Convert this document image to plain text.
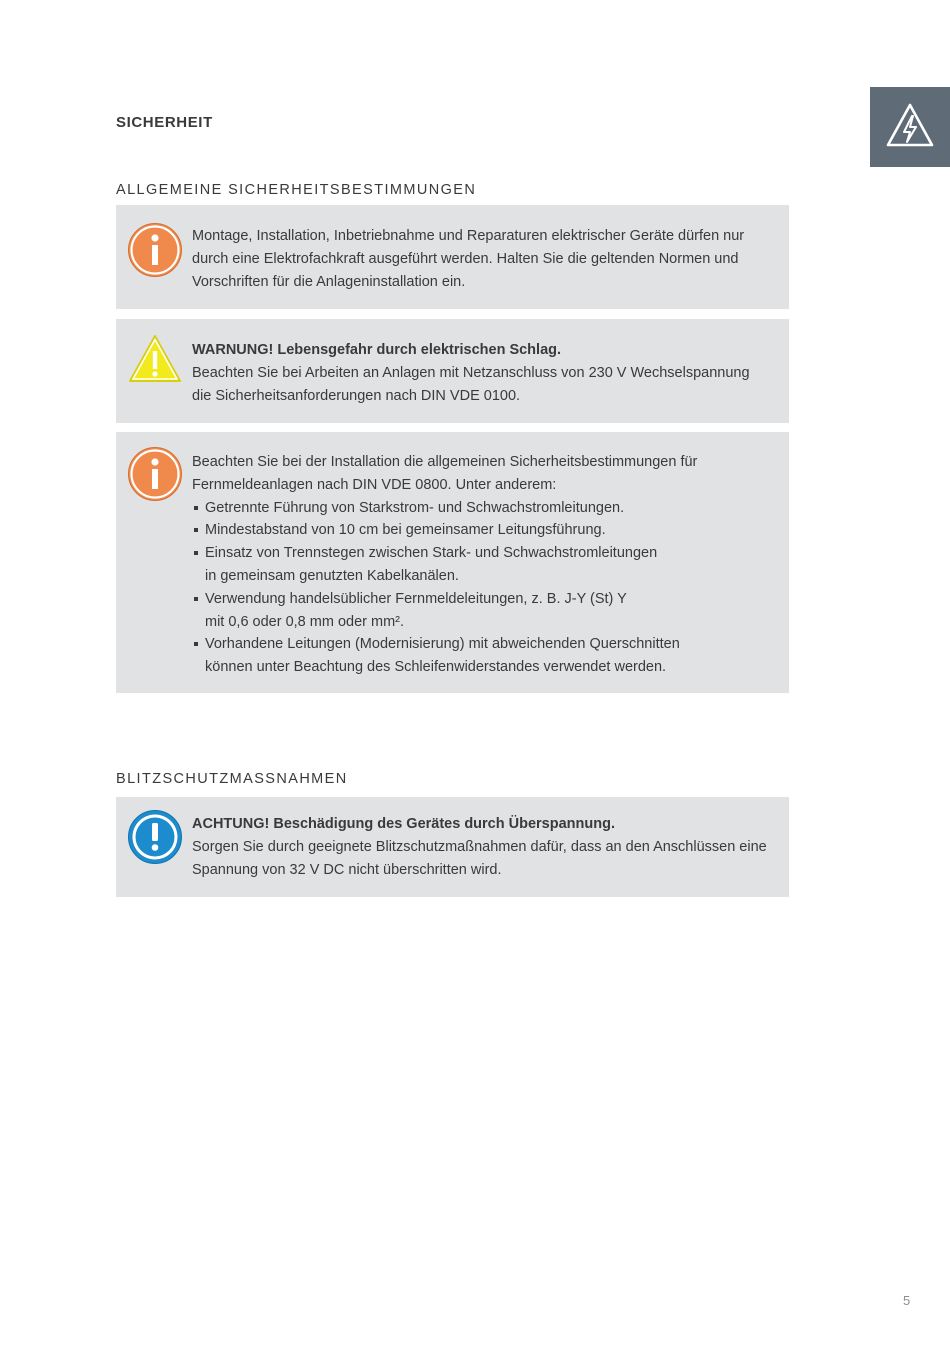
SICHERHEIT
ALLGEMEINE SICHERHEITSBESTIMMUNGEN
Montage, Installation, Inbetriebnahme und Reparaturen elektrischer Geräte dürfen nur durch eine Elektrofachkraft ausgeführt werden. Halten Sie die geltenden Normen und Vorschriften für die Anlageninstallation ein.
WARNUNG! Lebensgefahr durch elektrischen Schlag.
Beachten Sie bei Arbeiten an Anlagen mit Netzanschluss von 230 V Wechselspannung die Sicherheitsanforderungen nach DIN VDE 0100.
Beachten Sie bei der Installation die allgemeinen Sicherheitsbestimmungen für Fernmeldeanlagen nach DIN VDE 0800. Unter anderem:
Getrennte Führung von Starkstrom- und Schwachstromleitungen.
Mindestabstand von 10 cm bei gemeinsamer Leitungsführung.
Einsatz von Trennstegen zwischen Stark- und Schwachstromleitungen in gemeinsam genutzten Kabelkanälen.
Verwendung handelsüblicher Fernmeldeleitungen, z. B. J-Y (St) Y mit 0,6 oder 0,8 mm oder mm².
Vorhandene Leitungen (Modernisierung) mit abweichenden Querschnitten können unter Beachtung des Schleifenwiderstandes verwendet werden.
BLITZSCHUTZMASSNAHMEN
ACHTUNG! Beschädigung des Gerätes durch Überspannung.
Sorgen Sie durch geeignete Blitzschutzmaßnahmen dafür, dass an den Anschlüssen eine Spannung von 32 V DC nicht überschritten wird.
5
